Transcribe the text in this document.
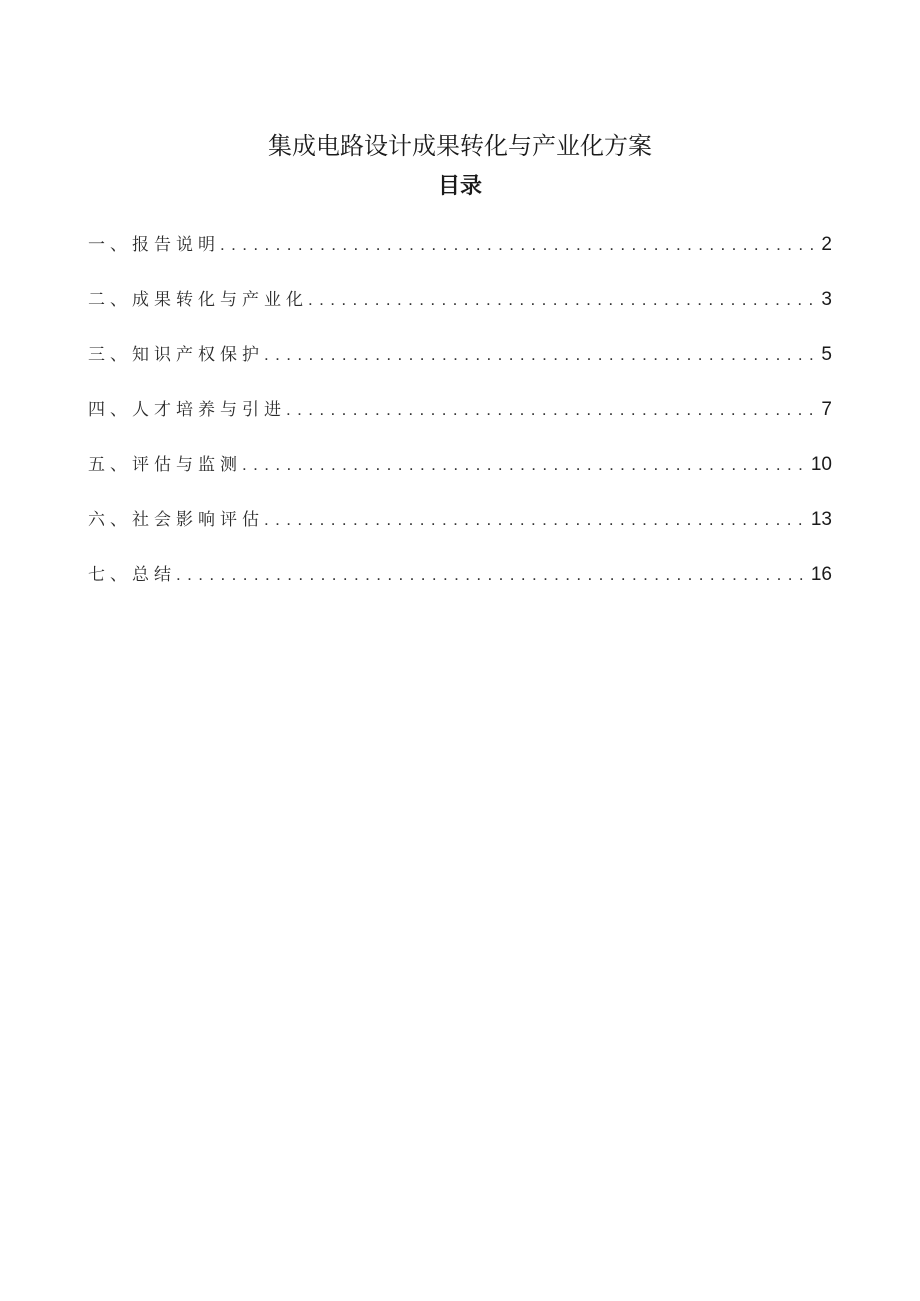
集成电路设计成果转化与产业化方案
目录
一、报告说明 .....	2
二、成果转化与产业化 .....	3
三、知识产权保护 .....	5
四、人才培养与引进 .....	7
五、评估与监测 .....	10
六、社会影响评估 .....	13
七、总结 .....	16
